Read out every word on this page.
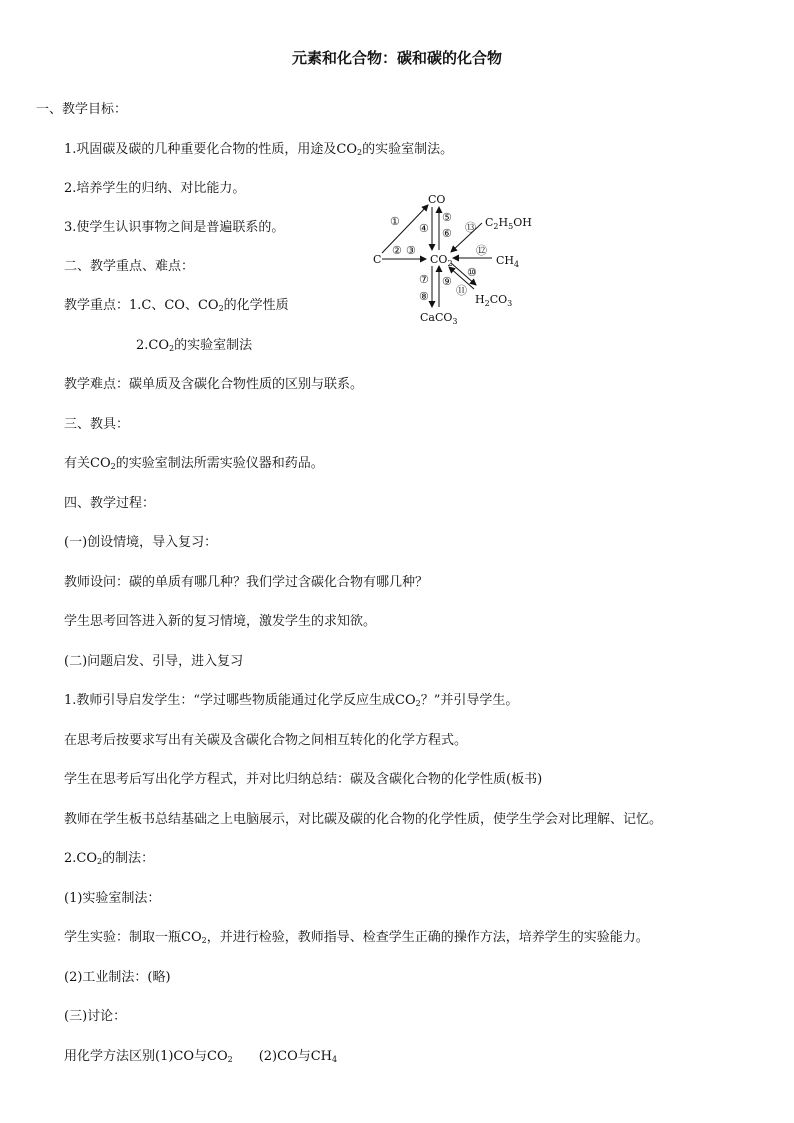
元素和化合物：碳和碳的化合物
一、教学目标：
1.巩固碳及碳的几种重要化合物的性质，用途及$CO_2$的实验室制法。
2.培养学生的归纳、对比能力。
3.使学生认识事物之间是普遍联系的。
二、教学重点、难点：
教学重点：1.C、CO、$CO_2$的化学性质
$2.CO_2$的实验室制法
教学难点：碳单质及含碳化合物性质的区别与联系。
三、教具：
有关$CO_2$的实验室制法所需实验仪器和药品。
四、教学过程：
(一)创设情境，导入复习：
教师设问：碳的单质有哪几种？我们学过含碳化合物有哪几种？
学生思考回答进入新的复习情境，激发学生的求知欲。
(二)问题启发、引导，进入复习
1.教师引导启发学生：“学过哪些物质能通过化学反应生成$CO_2$？”并引导学生。
在思考后按要求写出有关碳及含碳化合物之间相互转化的化学方程式。
学生在思考后写出化学方程式，并对比归纳总结：碳及含碳化合物的化学性质(板书)
教师在学生板书总结基础之上电脑展示，对比碳及碳的化合物的化学性质，使学生学会对比理解、记忆。
$2.CO_2$的制法：
(1)实验室制法：
学生实验：制取一瓶$CO_2$，并进行检验，教师指导、检查学生正确的操作方法，培养学生的实验能力。
(2)工业制法：(略)
(三)讨论：
用化学方法区别(1)CO与$CO_2$ (2)CO与$CH_4$
CO
C	$CO_2$
$C_2H_5OH$
$CH_4$
$H_2CO_3$
CaCO$_3$
①
② ③
④
⑤
⑥
⑦
⑧
⑨
⑩
⑪
⑫
⑬
